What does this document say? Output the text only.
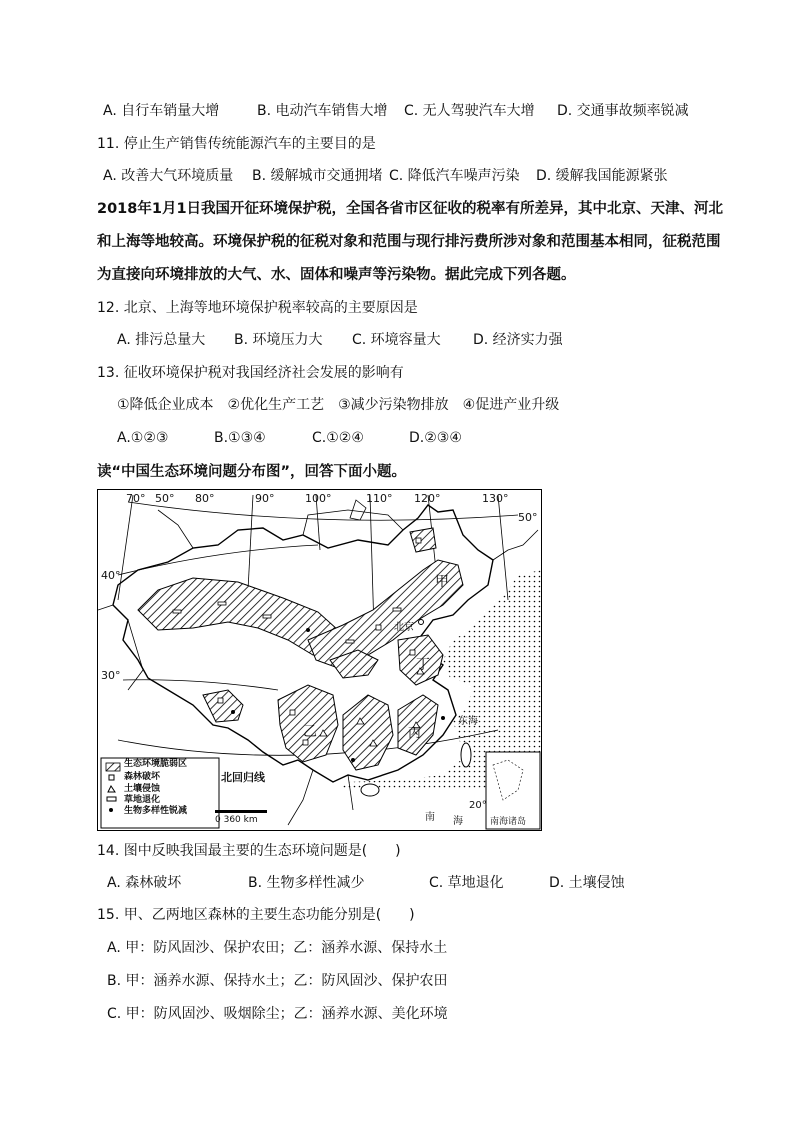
A. 自行车销量大增	B. 电动汽车销售大增 C. 无人驾驶汽车大增 D. 交通事故频率锐减
11. 停止生产销售传统能源汽车的主要目的是
A. 改善大气环境质量 B. 缓解城市交通拥堵 C. 降低汽车噪声污染 D. 缓解我国能源紧张
2018年1月1日我国开征环境保护税，全国各省市区征收的税率有所差异，其中北京、天津、河北
和上海等地较高。环境保护税的征税对象和范围与现行排污费所涉对象和范围基本相同，征税范围
为直接向环境排放的大气、水、固体和噪声等污染物。据此完成下列各题。
12. 北京、上海等地环境保护税率较高的主要原因是
A. 排污总量大 B. 环境压力大 C. 环境容量大 D. 经济实力强
13. 征收环境保护税对我国经济社会发展的影响有
①降低企业成本　②优化生产工艺　③减少污染物排放　④促进产业升级
A.①②③	B.①③④	C.①②④	D.②③④
读“中国生态环境问题分布图”，回答下面小题。
70° 50° 80°	90°	100°	110° 120°	130°
40°
30°
50°
20°
北京
甲
乙	丙
丁
北回归线
东海
南 海	南海诸岛
0 360 km
生态环境脆弱区
森林破坏
土壤侵蚀
草地退化
生物多样性锐减
14. 图中反映我国最主要的生态环境问题是(　　)
A. 森林破坏	B. 生物多样性减少	C. 草地退化	D. 土壤侵蚀
15. 甲、乙两地区森林的主要生态功能分别是(　　)
A. 甲：防风固沙、保护农田；乙：涵养水源、保持水土
B. 甲：涵养水源、保持水土；乙：防风固沙、保护农田
C. 甲：防风固沙、吸烟除尘；乙：涵养水源、美化环境
